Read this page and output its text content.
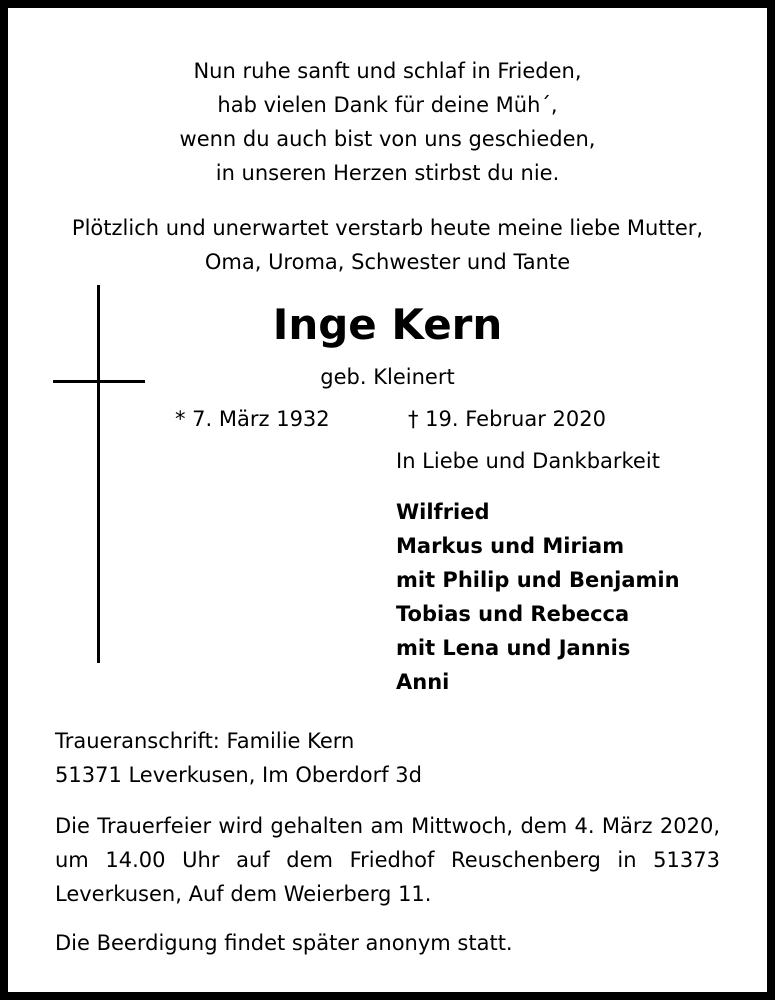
Nun ruhe sanft und schlaf in Frieden,
hab vielen Dank für deine Müh´,
wenn du auch bist von uns geschieden,
in unseren Herzen stirbst du nie.
Plötzlich und unerwartet verstarb heute meine liebe Mutter,
Oma, Uroma, Schwester und Tante
Inge Kern
geb. Kleinert
* 7. März 1932	† 19. Februar 2020
In Liebe und Dankbarkeit
Wilfried
Markus und Miriam
mit Philip und Benjamin
Tobias und Rebecca
mit Lena und Jannis
Anni
Traueranschrift: Familie Kern
51371 Leverkusen, Im Oberdorf 3d
Die Trauerfeier wird gehalten am Mittwoch, dem 4. März 2020, um 14.00 Uhr auf dem Friedhof Reuschenberg in 51373 Leverkusen, Auf dem Weierberg 11.
Die Beerdigung findet später anonym statt.
